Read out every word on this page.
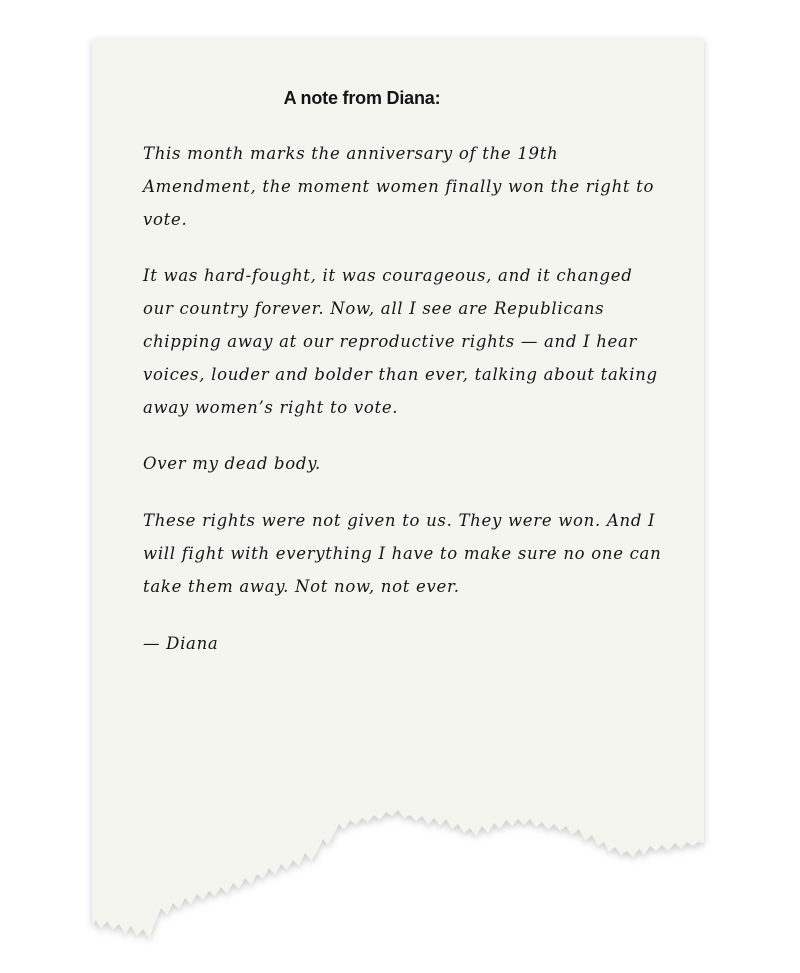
A note from Diana:

This month marks the anniversary of the 19th Amendment, the moment women finally won the right to vote.

It was hard-fought, it was courageous, and it changed our country forever. Now, all I see are Republicans chipping away at our reproductive rights — and I hear voices, louder and bolder than ever, talking about taking away women’s right to vote.

Over my dead body.

These rights were not given to us. They were won. And I will fight with everything I have to make sure no one can take them away. Not now, not ever.

— Diana
